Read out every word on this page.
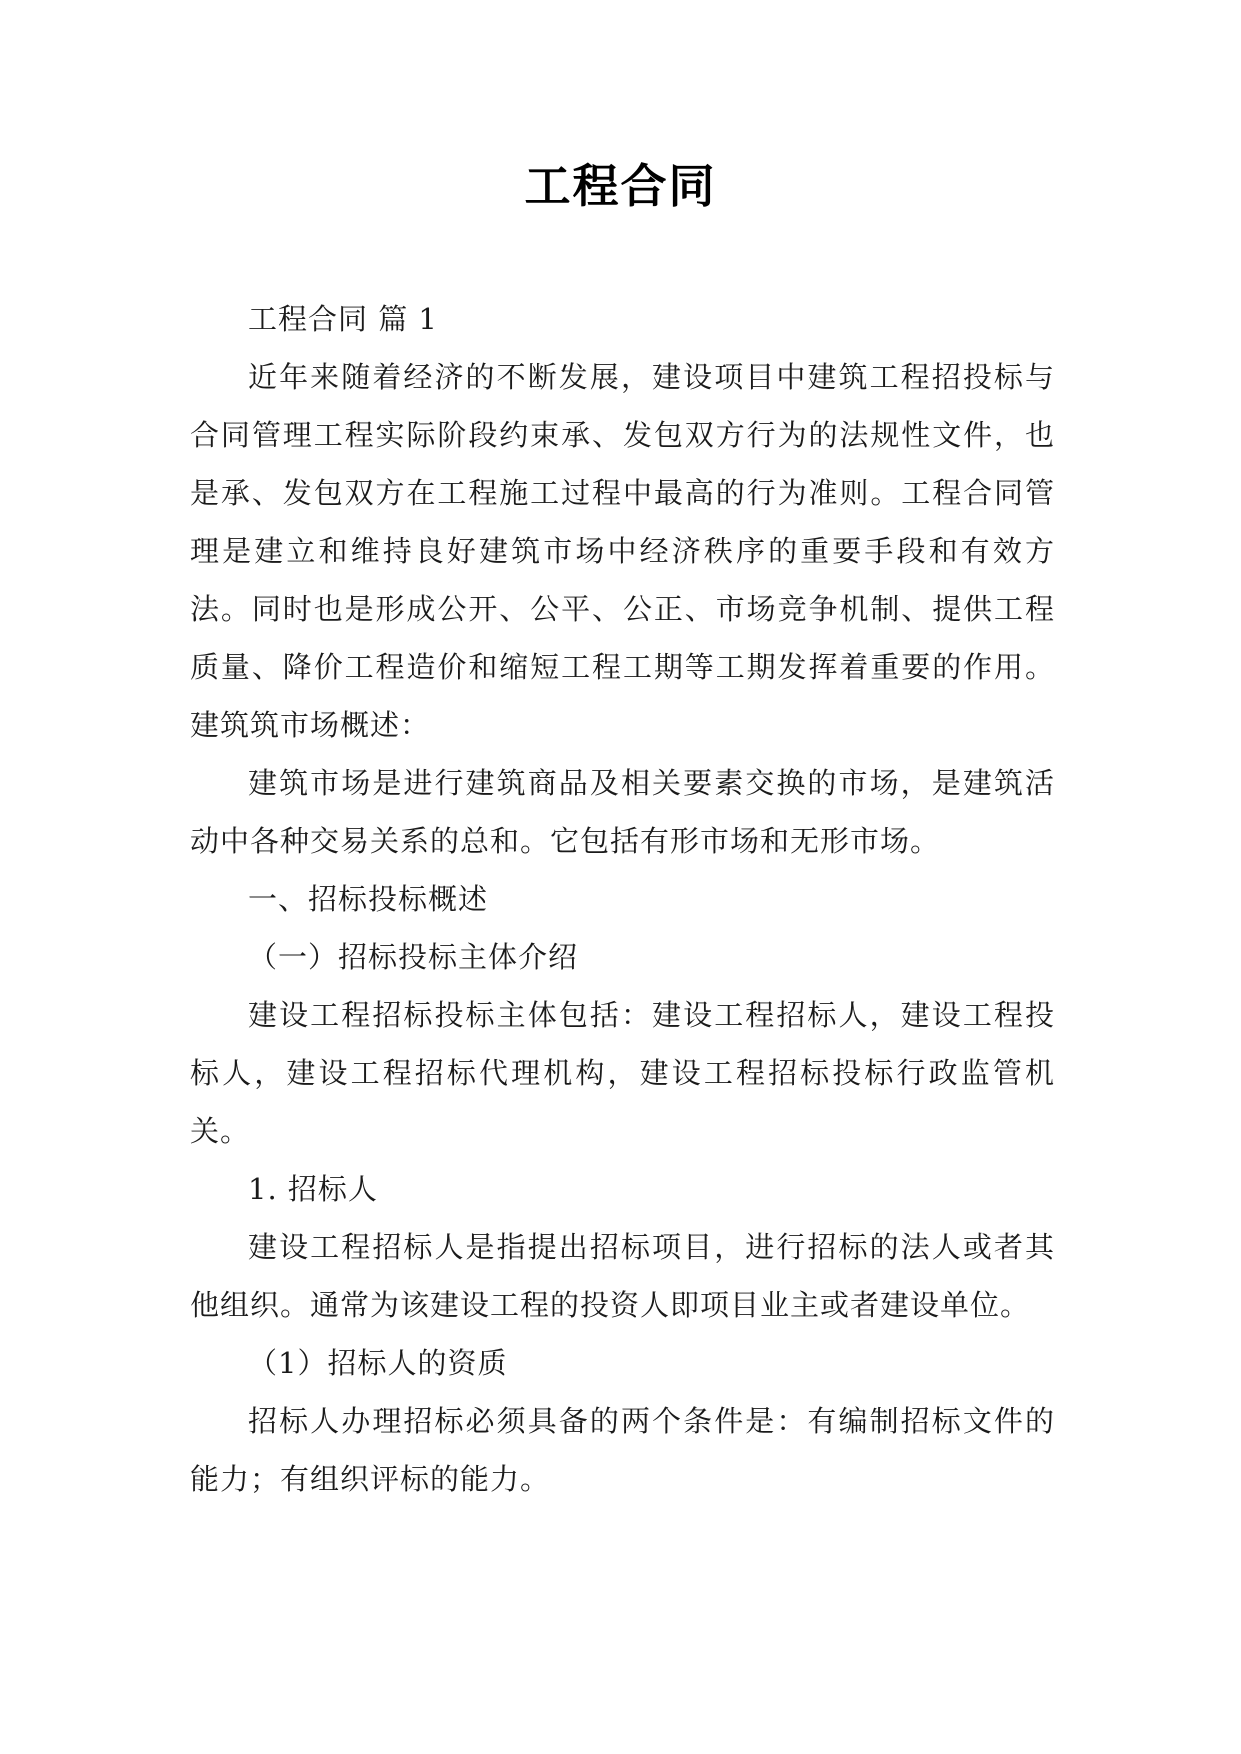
工程合同

工程合同 篇 1

近年来随着经济的不断发展，建设项目中建筑工程招投标与合同管理工程实际阶段约束承、发包双方行为的法规性文件，也是承、发包双方在工程施工过程中最高的行为准则。工程合同管理是建立和维持良好建筑市场中经济秩序的重要手段和有效方法。同时也是形成公开、公平、公正、市场竞争机制、提供工程质量、降价工程造价和缩短工程工期等工期发挥着重要的作用。 建筑筑市场概述：

建筑市场是进行建筑商品及相关要素交换的市场，是建筑活动中各种交易关系的总和。它包括有形市场和无形市场。

一、招标投标概述

（一）招标投标主体介绍

建设工程招标投标主体包括：建设工程招标人，建设工程投标人，建设工程招标代理机构，建设工程招标投标行政监管机关。

1. 招标人

建设工程招标人是指提出招标项目，进行招标的法人或者其他组织。通常为该建设工程的投资人即项目业主或者建设单位。

（1）招标人的资质

招标人办理招标必须具备的两个条件是：有编制招标文件的能力；有组织评标的能力。
